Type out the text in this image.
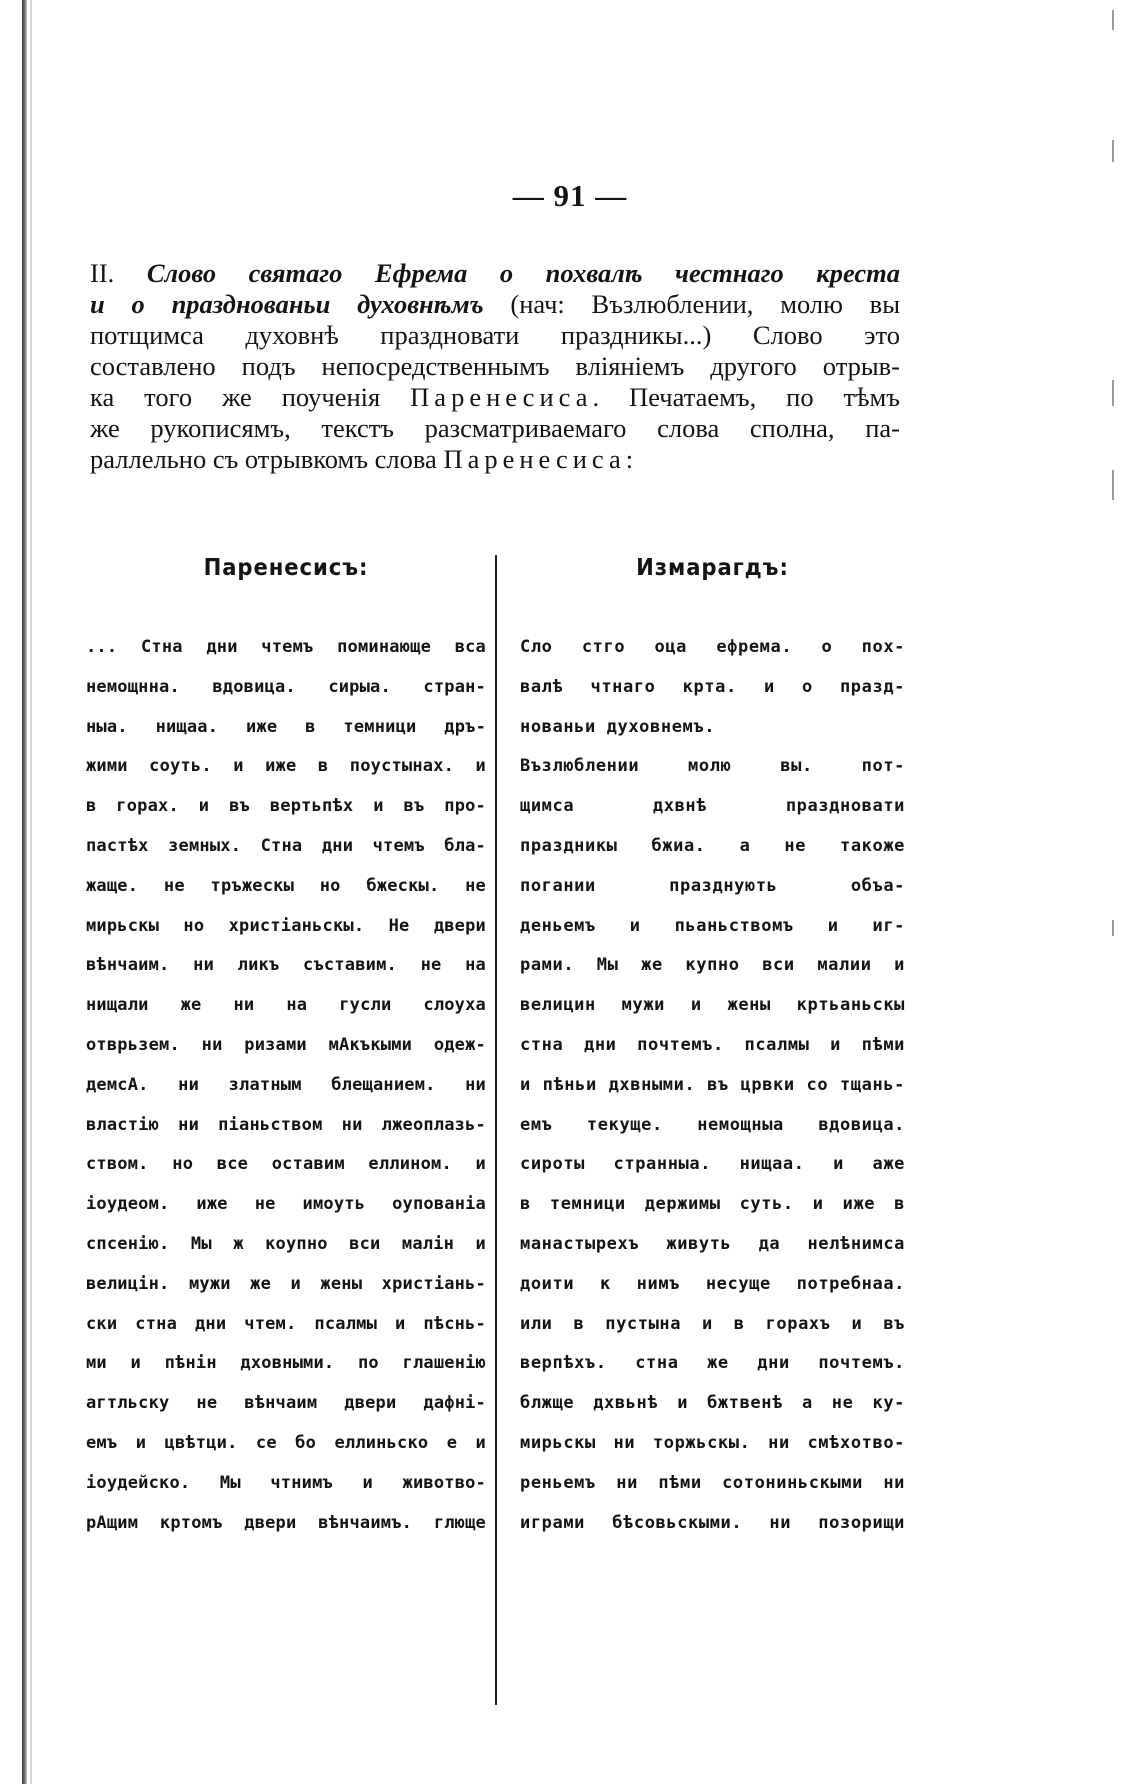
— 91 —
II. Слово святаго Ефрема о похвалѣ честнаго креста
и о празднованьи духовнѣмъ (нач: Възлюблении, молю вы
потщимса духовнѣ праздновати праздникы...) Слово это
составлено подъ непосредственнымъ вліяніемъ другого отрыв-
ка того же поученія Паренесиса. Печатаемъ, по тѣмъ
же рукописямъ, текстъ разсматриваемаго слова сполна, па-
раллельно съ отрывкомъ слова Паренесиса:
Паренесисъ:
... Стна дни чтемъ поминающе вса
немощнна. вдовица. сирыа. стран-
ныа. нищаа. иже в темници дръ-
жими соуть. и иже в поустынах. и
в горах. и въ вертьпѣх и въ про-
пастѣх земных. Стна дни чтемъ бла-
жаще. не тръжескы но бжескы. не
мирьскы но христіаньскы. Не двери
вѣнчаим. ни ликъ съставим. не на
нищали же ни на гусли слоуха
отврьзем. ни ризами мАкъкыми одеж-
демсА. ни златным блещанием. ни
властію ни піаньством ни лжеоплазь-
ством. но все оставим еллином. и
іоудеом. иже не имоуть оупованіа
спсенію. Мы ж коупно вси малін и
велицін. мужи же и жены христіань-
ски стна дни чтем. псалмы и пѣснь-
ми и пѣнін дховными. по глашенію
агтльску не вѣнчаим двери дафні-
емъ и цвѣтци. се бо еллиньско е и
іоудейско. Мы чтнимъ и животво-
рАщим кртомъ двери вѣнчаимъ. глюще
Измарагдъ:
Сло стго оца ефрема. о пох-
валѣ чтнаго крта. и о празд-
нованьи духовнемъ.
Възлюблении молю вы. пот-
щимса дхвнѣ праздновати
праздникы бжиа. а не такоже
погании празднують объа-
деньемъ и пьаньствомъ и иг-
рами. Мы же купно вси малии и
велицин мужи и жены кртьаньскы
стна дни почтемъ. псалмы и пѣми
и пѣньи дхвными. въ црвки со тщань-
емъ текуще. немощныа вдовица.
сироты странныа. нищаа. и аже
в темници держимы суть. и иже в
манастырехъ живуть да нелѣнимса
доити к нимъ несуще потребнаа.
или в пустына и в горахъ и въ
верпѣхъ. стна же дни почтемъ.
блжще дхвьнѣ и бжтвенѣ а не ку-
мирьскы ни торжьскы. ни смѣхотво-
реньемъ ни пѣми сотониньскыми ни
играми бѣсовьскыми. ни позорищи
